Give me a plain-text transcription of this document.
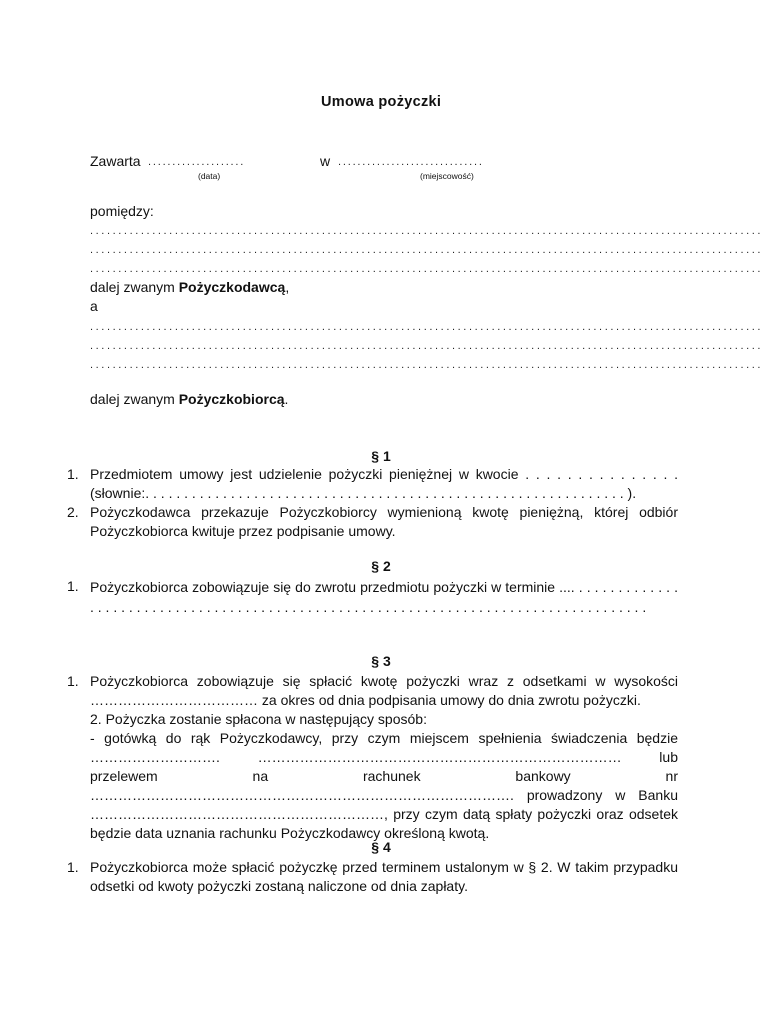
Umowa pożyczki
Zawarta ....................	w ..............................
(data)	(miejscowość)
pomiędzy:
.......................................................................................................................
.......................................................................................................................
.......................................................................................................................
dalej zwanym Pożyczkodawcą,
a
.......................................................................................................................
.......................................................................................................................
.......................................................................................................................
dalej zwanym Pożyczkobiorcą.
§ 1
1. Przedmiotem umowy jest udzielenie pożyczki pieniężnej w kwocie . . . . . . . . . . . . . . . (słownie:. . . . . . . . . . . . . . . . . . . . . . . . . . . . . . . . . . . . . . . . . . . . . . . . . . . . . . . . . . . . . . ).
2. Pożyczkodawca przekazuje Pożyczkobiorcy wymienioną kwotę pieniężną, której odbiór Pożyczkobiorca kwituje przez podpisanie umowy.
§ 2
1. Pożyczkobiorca zobowiązuje się do zwrotu przedmiotu pożyczki w terminie ...​. . . . . . . . . . . . . . . . . . . . . . . . . . . . . . . . . . . . . . . . . . . . . . . . . . . . . . . . . . . . . . . . . . . . . . . . . . . . . . . . . . . . . .
§ 3
1. Pożyczkobiorca zobowiązuje się spłacić kwotę pożyczki wraz z odsetkami w wysokości ……………………………… za okres od dnia podpisania umowy do dnia zwrotu pożyczki.
2. Pożyczka zostanie spłacona w następujący sposób:
- gotówką do rąk Pożyczkodawcy, przy czym miejscem spełnienia świadczenia będzie ………………………. …………………………………………………………………… lub przelewem na rachunek bankowy nr ………………………………………………………………………………. prowadzony w Banku ………………………………………………………, przy czym datą spłaty pożyczki oraz odsetek będzie data uznania rachunku Pożyczkodawcy określoną kwotą.
§ 4
1. Pożyczkobiorca może spłacić pożyczkę przed terminem ustalonym w § 2. W takim przypadku odsetki od kwoty pożyczki zostaną naliczone od dnia zapłaty.
